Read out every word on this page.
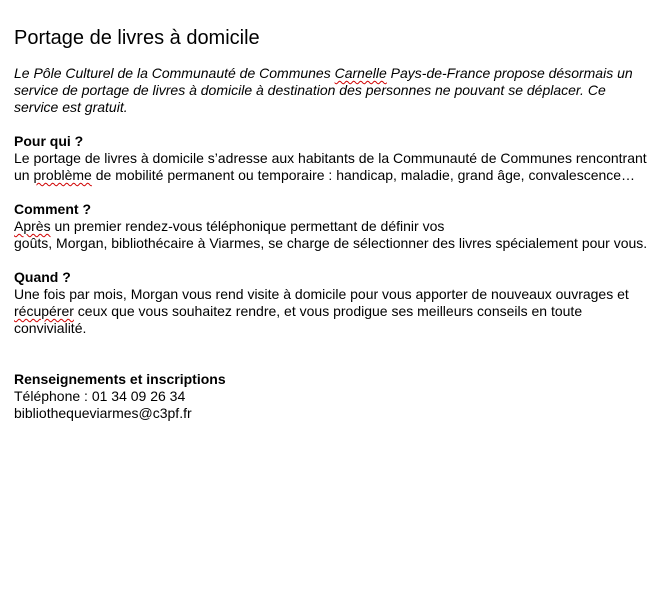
Portage de livres à domicile

Le Pôle Culturel de la Communauté de Communes Carnelle Pays-de-France propose désormais un service de portage de livres à domicile à destination des personnes ne pouvant se déplacer. Ce service est gratuit.

Pour qui ?

Le portage de livres à domicile s’adresse aux habitants de la Communauté de Communes rencontrant un problème de mobilité permanent ou temporaire : handicap, maladie, grand âge, convalescence…

Comment ?

Après un premier rendez-vous téléphonique permettant de définir vos
goûts, Morgan, bibliothécaire à Viarmes, se charge de sélectionner des livres spécialement pour vous.

Quand ?

Une fois par mois, Morgan vous rend visite à domicile pour vous apporter de nouveaux ouvrages et récupérer ceux que vous souhaitez rendre, et vous prodigue ses meilleurs conseils en toute convivialité.

Renseignements et inscriptions

Téléphone : 01 34 09 26 34
bibliothequeviarmes@c3pf.fr
